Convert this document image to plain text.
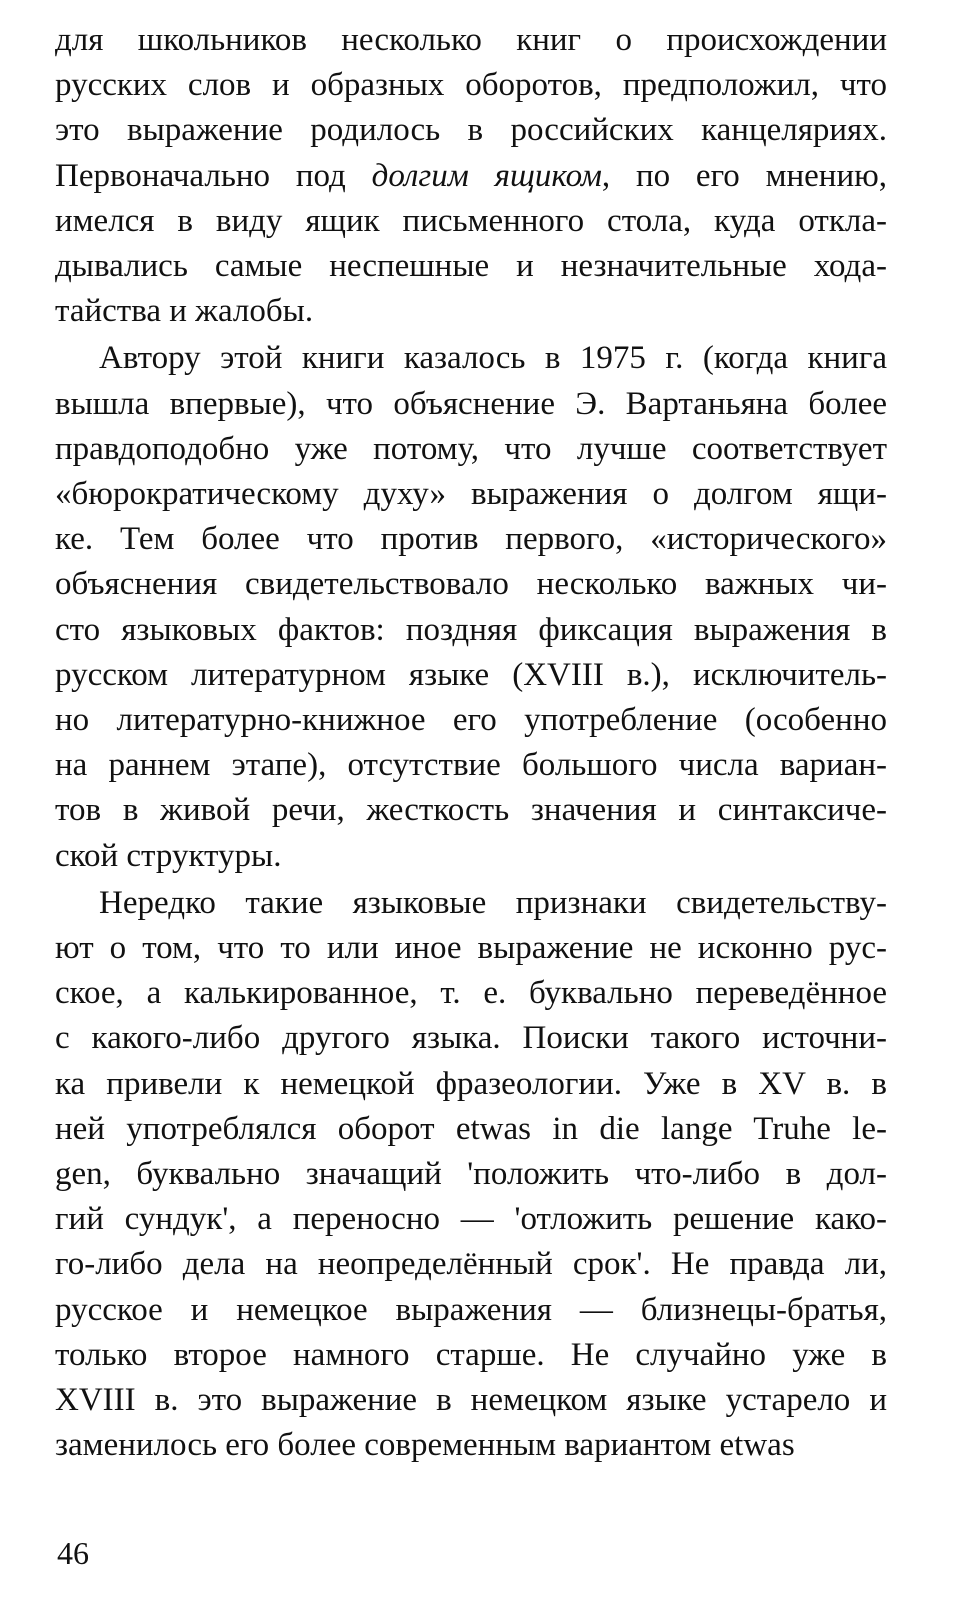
для школьников несколько книг о происхождении
русских слов и образных оборотов, предположил, что
это выражение родилось в российских канцеляриях.
Первоначально под долгим ящиком, по его мнению,
имелся в виду ящик письменного стола, куда откла-
дывались самые неспешные и незначительные хода-
тайства и жалобы.
Автору этой книги казалось в 1975 г. (когда книга
вышла впервые), что объяснение Э. Вартаньяна более
правдоподобно уже потому, что лучше соответствует
«бюрократическому духу» выражения о долгом ящи-
ке. Тем более что против первого, «исторического»
объяснения свидетельствовало несколько важных чи-
сто языковых фактов: поздняя фиксация выражения в
русском литературном языке (XVIII в.), исключитель-
но литературно-книжное его употребление (особенно
на раннем этапе), отсутствие большого числа вариан-
тов в живой речи, жесткость значения и синтаксиче-
ской структуры.
Нередко такие языковые признаки свидетельству-
ют о том, что то или иное выражение не исконно рус-
ское, а калькированное, т. е. буквально переведённое
с какого-либо другого языка. Поиски такого источни-
ка привели к немецкой фразеологии. Уже в XV в. в
ней употреблялся оборот etwas in die lange Truhe le-
gen, буквально значащий 'положить что-либо в дол-
гий сундук', а переносно — 'отложить решение како-
го-либо дела на неопределённый срок'. Не правда ли,
русское и немецкое выражения — близнецы-братья,
только второе намного старше. Не случайно уже в
XVIII в. это выражение в немецком языке устарело и
заменилось его более современным вариантом etwas
46
